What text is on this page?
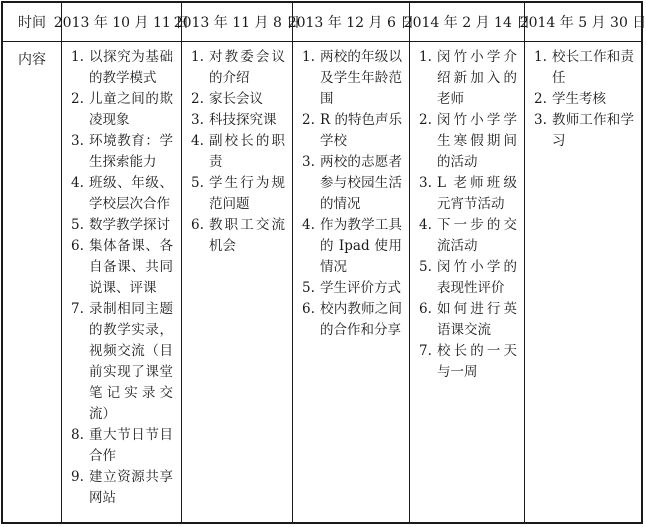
时间 2013 年 10 月 11 日
2013 年 11 月 8 日
2013 年 12 月 6 日
2014 年 2 月 14 日
2014 年 5 月 30 日
内容	1. 以探究为基础的教学模式
2. 儿童之间的欺凌现象
3. 环境教育：学生探索能力
4. 班级、年级、学校层次合作
5. 数学教学探讨
6. 集体备课、各自备课、共同说课、评课
7. 录制相同主题的教学实录，视频交流（目前实现了课堂笔记实录交流）
8. 重大节日节目合作
9. 建立资源共享网站
1. 对教委会议的介绍
2. 家长会议
3. 科技探究课
4. 副校长的职责
5. 学生行为规范问题
6. 教职工交流机会
1. 两校的年级以及学生年龄范围
2. R 的特色声乐学校
3. 两校的志愿者参与校园生活的情况
4. 作为教学工具的 Ipad 使用情况
5. 学生评价方式
6. 校内教师之间的合作和分享
1. 闵竹小学介绍新加入的老师
2. 闵竹小学学生寒假期间的活动
3. L 老师班级元宵节活动
4. 下一步的交流活动
5. 闵竹小学的表现性评价
6. 如何进行英语课交流
7. 校长的一天与一周
1. 校长工作和责任
2. 学生考核
3. 教师工作和学习
